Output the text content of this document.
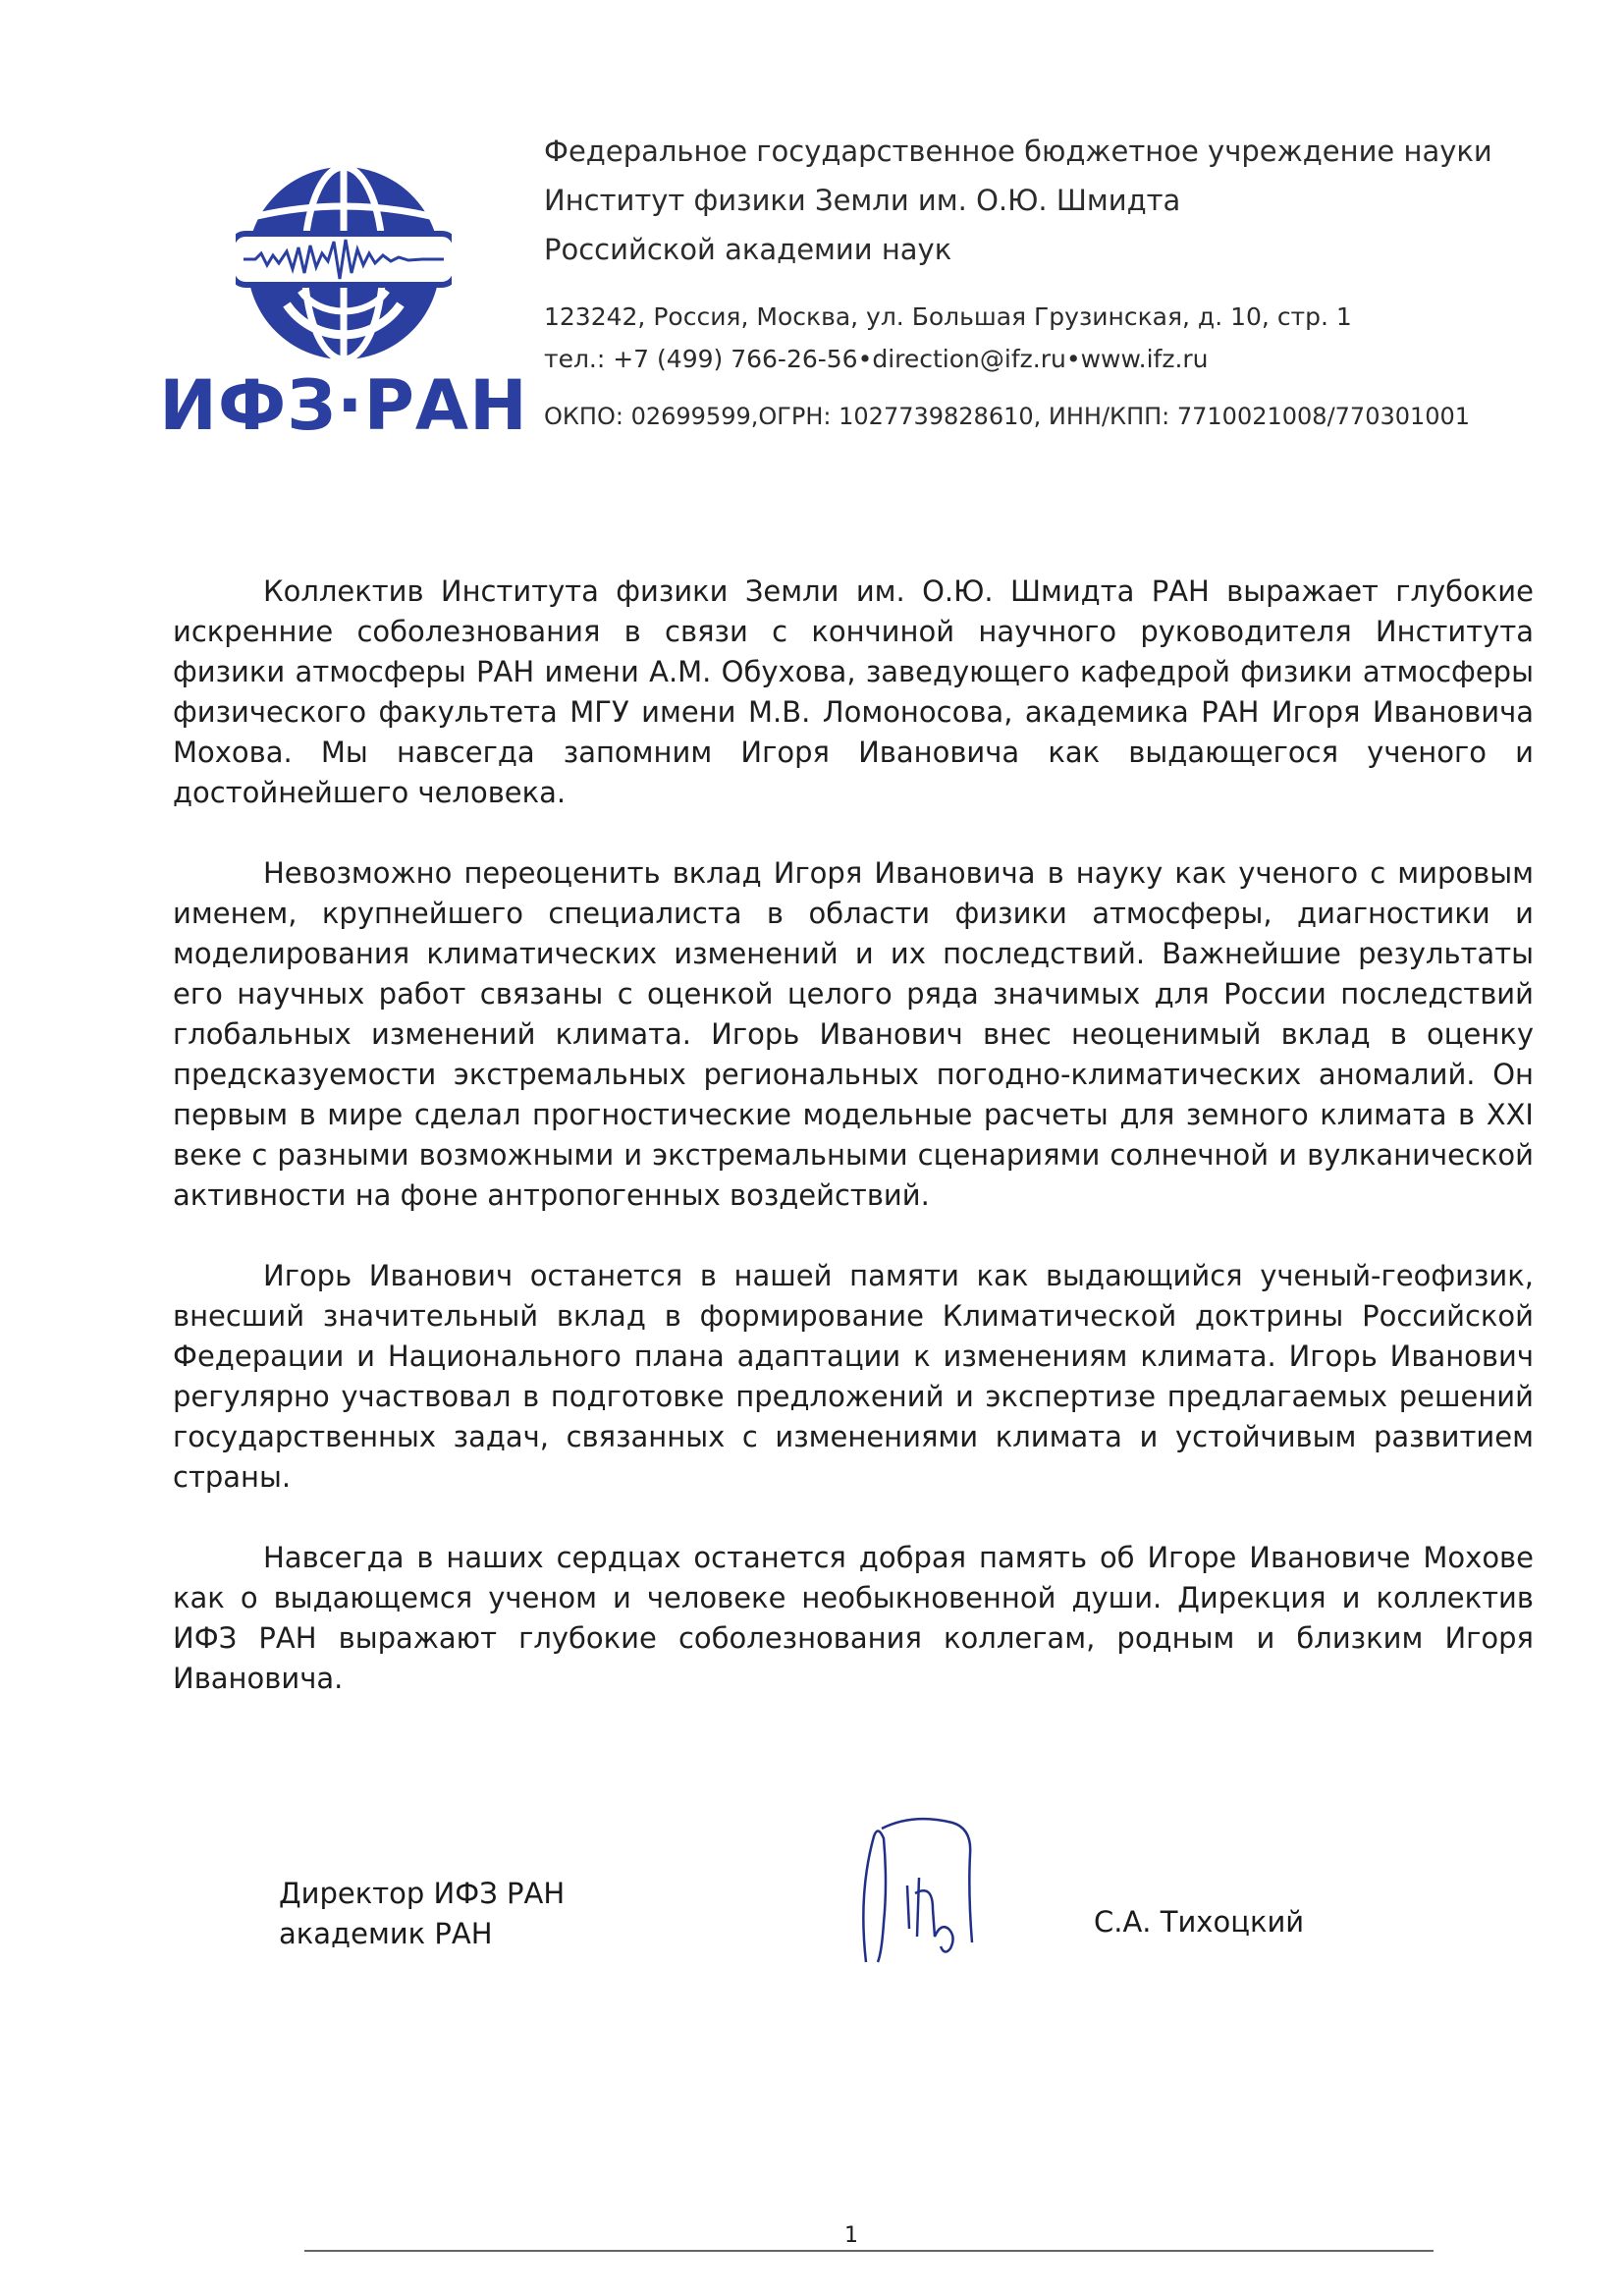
ИФЗ·РАН
Федеральное государственное бюджетное учреждение науки
Институт физики Земли им. О.Ю. Шмидта
Российской академии наук
123242, Россия, Москва, ул. Большая Грузинская, д. 10, стр. 1
тел.: +7 (499) 766-26-56•direction@ifz.ru•www.ifz.ru
ОКПО: 02699599,ОГРН: 1027739828610, ИНН/КПП: 7710021008/770301001

Коллектив Института физики Земли им. О.Ю. Шмидта РАН выражает глубокие искренние соболезнования в связи с кончиной научного руководителя Института физики атмосферы РАН имени А.М. Обухова, заведующего кафедрой физики атмосферы физического факультета МГУ имени М.В. Ломоносова, академика РАН Игоря Ивановича Мохова. Мы навсегда запомним Игоря Ивановича как выдающегося ученого и достойнейшего человека.

Невозможно переоценить вклад Игоря Ивановича в науку как ученого с мировым именем, крупнейшего специалиста в области физики атмосферы, диагностики и моделирования климатических изменений и их последствий. Важнейшие результаты его научных работ связаны с оценкой целого ряда значимых для России последствий глобальных изменений климата. Игорь Иванович внес неоценимый вклад в оценку предсказуемости экстремальных региональных погодно-климатических аномалий. Он первым в мире сделал прогностические модельные расчеты для земного климата в XXI веке с разными возможными и экстремальными сценариями солнечной и вулканической активности на фоне антропогенных воздействий.

Игорь Иванович останется в нашей памяти как выдающийся ученый-геофизик, внесший значительный вклад в формирование Климатической доктрины Российской Федерации и Национального плана адаптации к изменениям климата. Игорь Иванович регулярно участвовал в подготовке предложений и экспертизе предлагаемых решений государственных задач, связанных с изменениями климата и устойчивым развитием страны.

Навсегда в наших сердцах останется добрая память об Игоре Ивановиче Мохове как о выдающемся ученом и человеке необыкновенной души. Дирекция и коллектив ИФЗ РАН выражают глубокие соболезнования коллегам, родным и близким Игоря Ивановича.

Директор ИФЗ РАН
академик РАН	С.А. Тихоцкий
1
